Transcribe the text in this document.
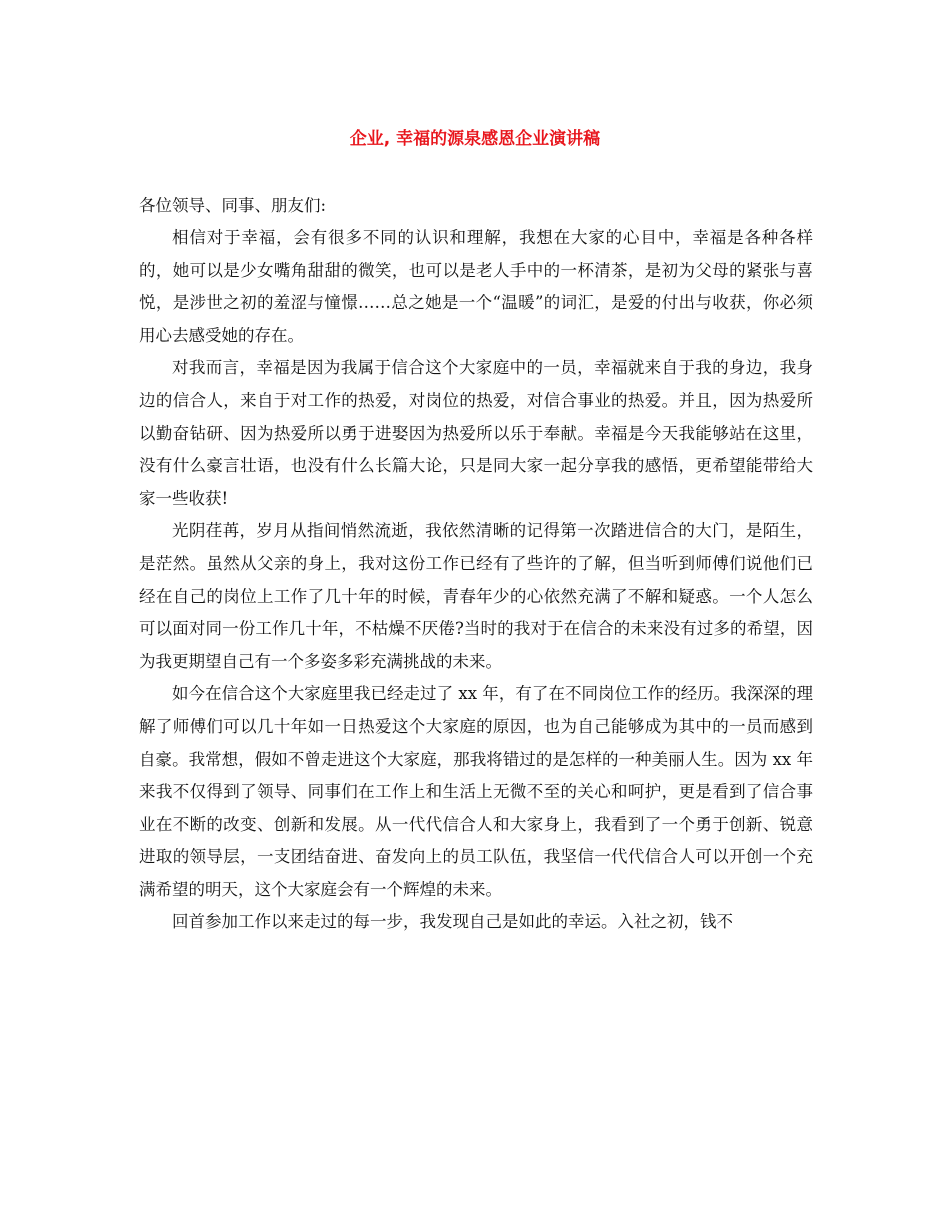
企业, 幸福的源泉感恩企业演讲稿

各位领导、同事、朋友们:

相信对于幸福，会有很多不同的认识和理解，我想在大家的心目中，幸福是各种各样的，她可以是少女嘴角甜甜的微笑，也可以是老人手中的一杯清茶，是初为父母的紧张与喜悦，是涉世之初的羞涩与憧憬……总之她是一个“温暖”的词汇，是爱的付出与收获，你必须用心去感受她的存在。

对我而言，幸福是因为我属于信合这个大家庭中的一员，幸福就来自于我的身边，我身边的信合人，来自于对工作的热爱，对岗位的热爱，对信合事业的热爱。并且，因为热爱所以勤奋钻研、因为热爱所以勇于进娶因为热爱所以乐于奉献。幸福是今天我能够站在这里，没有什么豪言壮语，也没有什么长篇大论，只是同大家一起分享我的感悟，更希望能带给大家一些收获!

光阴荏苒，岁月从指间悄然流逝，我依然清晰的记得第一次踏进信合的大门，是陌生，是茫然。虽然从父亲的身上，我对这份工作已经有了些许的了解，但当听到师傅们说他们已经在自己的岗位上工作了几十年的时候，青春年少的心依然充满了不解和疑惑。一个人怎么可以面对同一份工作几十年，不枯燥不厌倦?当时的我对于在信合的未来没有过多的希望，因为我更期望自己有一个多姿多彩充满挑战的未来。

如今在信合这个大家庭里我已经走过了 xx 年，有了在不同岗位工作的经历。我深深的理解了师傅们可以几十年如一日热爱这个大家庭的原因，也为自己能够成为其中的一员而感到自豪。我常想，假如不曾走进这个大家庭，那我将错过的是怎样的一种美丽人生。因为 xx 年来我不仅得到了领导、同事们在工作上和生活上无微不至的关心和呵护，更是看到了信合事业在不断的改变、创新和发展。从一代代信合人和大家身上，我看到了一个勇于创新、锐意进取的领导层，一支团结奋进、奋发向上的员工队伍，我坚信一代代信合人可以开创一个充满希望的明天，这个大家庭会有一个辉煌的未来。

回首参加工作以来走过的每一步，我发现自己是如此的幸运。入社之初，钱不
